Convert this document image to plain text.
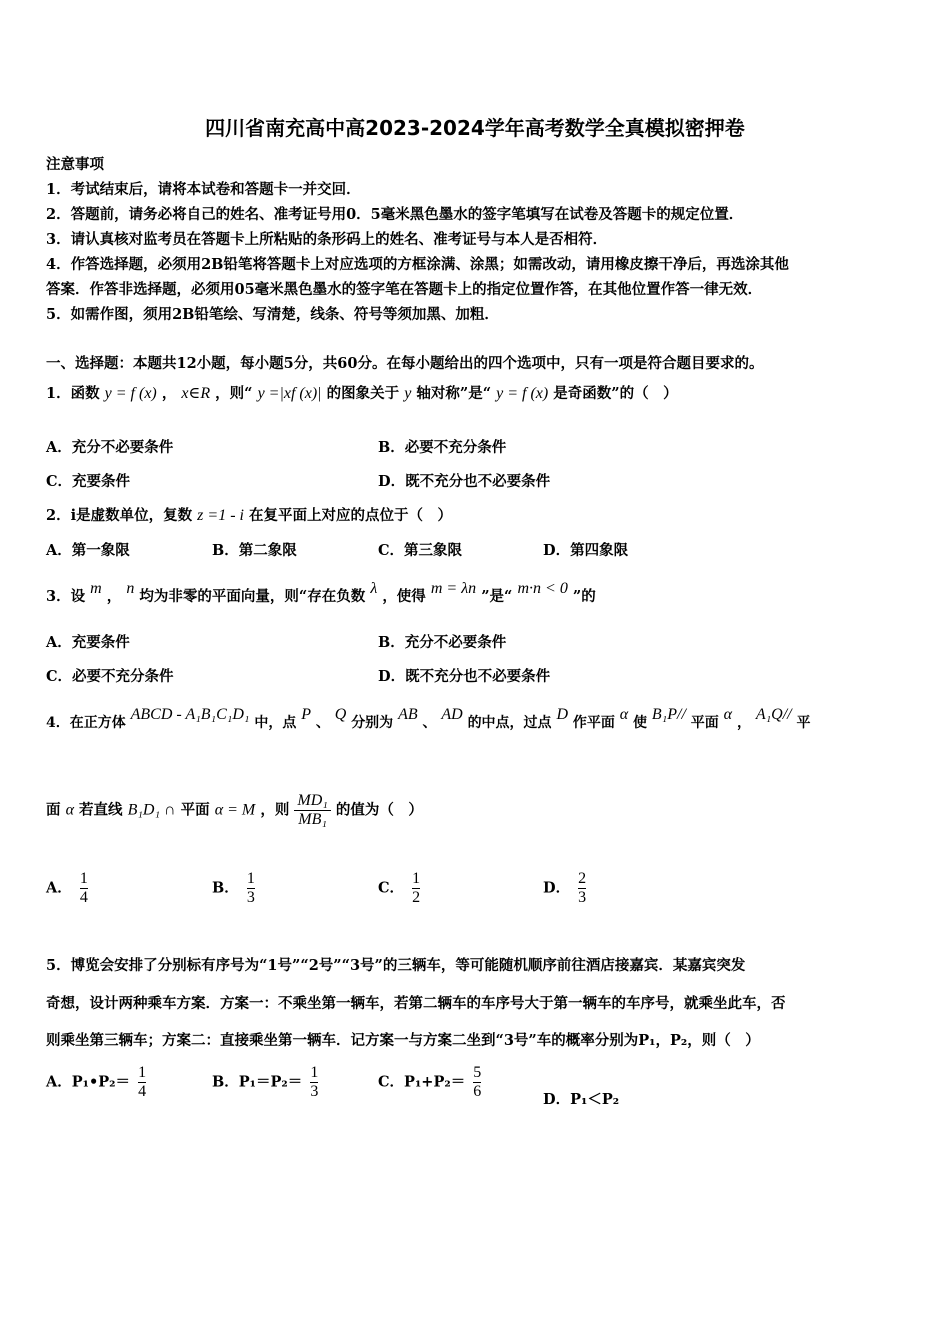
四川省南充高中高2023-2024学年高考数学全真模拟密押卷
注意事项
1．考试结束后，请将本试卷和答题卡一并交回．
2．答题前，请务必将自己的姓名、准考证号用0．5毫米黑色墨水的签字笔填写在试卷及答题卡的规定位置．
3．请认真核对监考员在答题卡上所粘贴的条形码上的姓名、准考证号与本人是否相符．
4．作答选择题，必须用2B铅笔将答题卡上对应选项的方框涂满、涂黑；如需改动，请用橡皮擦干净后，再选涂其他
答案．作答非选择题，必须用05毫米黑色墨水的签字笔在答题卡上的指定位置作答，在其他位置作答一律无效．
5．如需作图，须用2B铅笔绘、写清楚，线条、符号等须加黑、加粗．
一、选择题：本题共12小题，每小题5分，共60分。在每小题给出的四个选项中，只有一项是符合题目要求的。
1．函数 y = f (x) ， x∈R ，则“ y =|xf (x)| 的图象关于 y 轴对称”是“ y = f (x) 是奇函数”的（　）
A．充分不必要条件	B．必要不充分条件
C．充要条件	D．既不充分也不必要条件
2．i是虚数单位，复数 z =1 - i 在复平面上对应的点位于（　）
A．第一象限	B．第二象限	C．第三象限	D．第四象限
3．设 m ， n 均为非零的平面向量，则“存在负数 λ ，使得 m = λn ”是“ m·n < 0 ”的
A．充要条件	B．充分不必要条件
C．必要不充分条件	D．既不充分也不必要条件
4．在正方体 ABCD - A₁B₁C₁D₁ 中，点 P 、 Q 分别为 AB 、 AD 的中点，过点 D 作平面 α 使 B₁P// 平面 α ， A₁Q// 平
面 α 若直线 B₁D₁ ∩ 平面 α = M ，则 $\frac{\text{MD₁}}{\text{MB₁}}$ 的值为（　）
A． $\frac{1}{4}$	B． $\frac{1}{3}$	C． $\frac{1}{2}$	D． $\frac{2}{3}$
5．博览会安排了分别标有序号为“1号”“2号”“3号”的三辆车，等可能随机顺序前往酒店接嘉宾．某嘉宾突发
奇想，设计两种乘车方案．方案一：不乘坐第一辆车，若第二辆车的车序号大于第一辆车的车序号，就乘坐此车，否
则乘坐第三辆车；方案二：直接乘坐第一辆车．记方案一与方案二坐到“3号”车的概率分别为P₁，P₂，则（　）
A．P₁•P₂＝ $\frac{1}{4}$	B．$P_1=P_2= \frac{1}{3}$	C．$P_1+P_2= \frac{5}{6}$	D．P₁＜P₂
